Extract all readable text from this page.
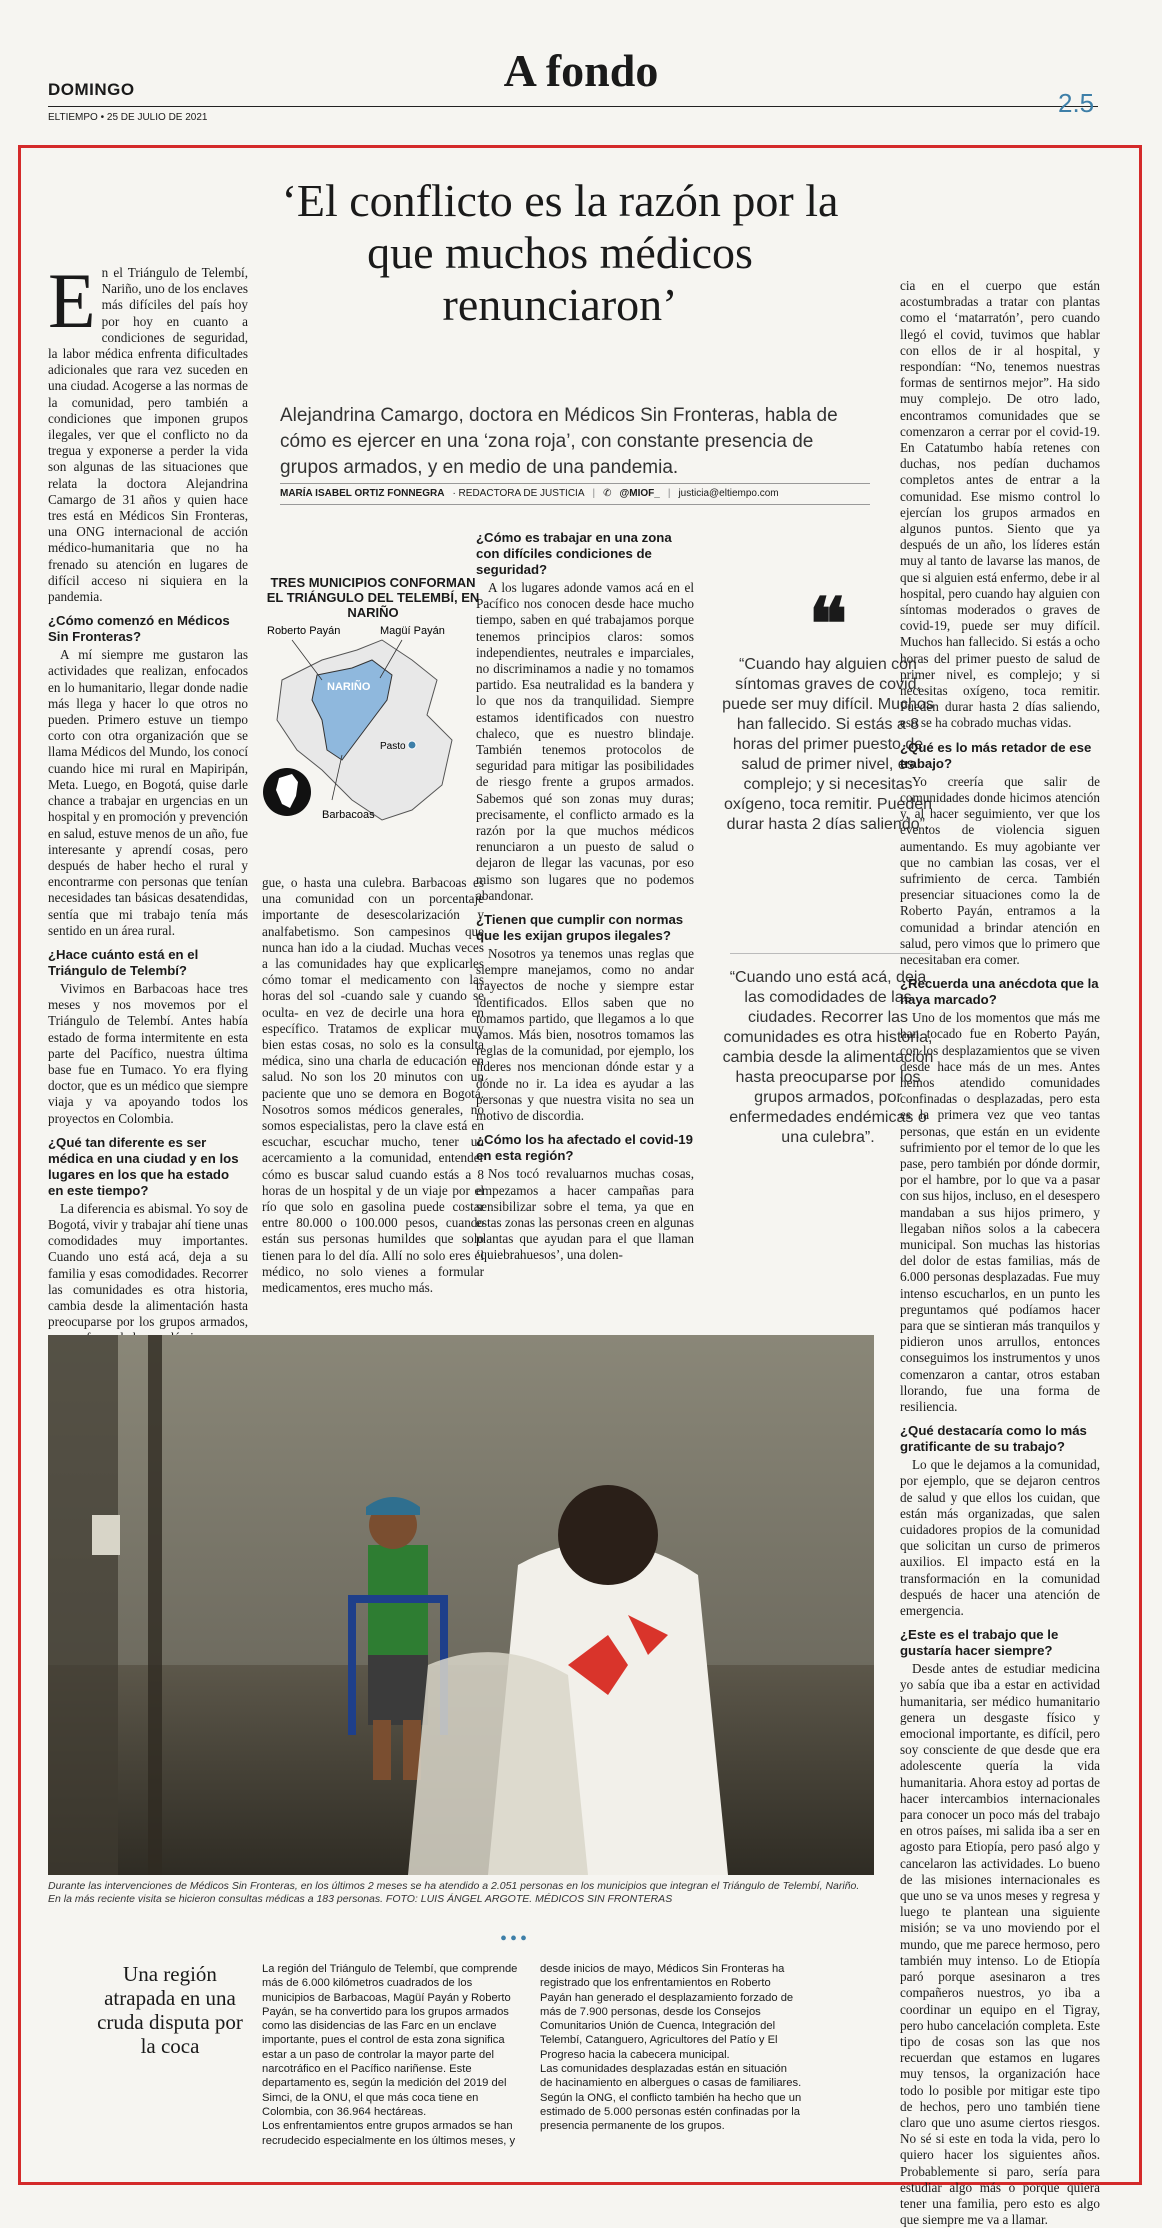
A fondo
DOMINGO
ELTIEMPO • 25 DE JULIO DE 2021	2.5
‘El conflicto es la razón por la que muchos médicos renunciaron’
Alejandrina Camargo, doctora en Médicos Sin Fronteras, habla de cómo es ejercer en una ‘zona roja’, con constante presencia de grupos armados, y en medio de una pandemia.
MARÍA ISABEL ORTIZ FONNEGRA · REDACTORA DE JUSTICIA | ✆ @MIOF_ | justicia@eltiempo.com

En el Triángulo de Telembí, Nariño, uno de los enclaves más difíciles del país hoy por hoy en cuanto a condiciones de seguridad, la labor médica enfrenta dificultades adicionales que rara vez suceden en una ciudad. Acogerse a las normas de la comunidad, pero también a condiciones que imponen grupos ilegales, ver que el conflicto no da tregua y exponerse a perder la vida son algunas de las situaciones que relata la doctora Alejandrina Camargo de 31 años y quien hace tres está en Médicos Sin Fronteras, una ONG internacional de acción médico-humanitaria que no ha frenado su atención en lugares de difícil acceso ni siquiera en la pandemia.

¿Cómo comenzó en Médicos Sin Fronteras?

A mí siempre me gustaron las actividades que realizan, enfocados en lo humanitario, llegar donde nadie más llega y hacer lo que otros no pueden. Primero estuve un tiempo corto con otra organización que se llama Médicos del Mundo, los conocí cuando hice mi rural en Mapiripán, Meta. Luego, en Bogotá, quise darle chance a trabajar en urgencias en un hospital y en promoción y prevención en salud, estuve menos de un año, fue interesante y aprendí cosas, pero después de haber hecho el rural y encontrarme con personas que tenían necesidades tan básicas desatendidas, sentía que mi trabajo tenía más sentido en un área rural.

¿Hace cuánto está en el Triángulo de Telembí?

Vivimos en Barbacoas hace tres meses y nos movemos por el Triángulo de Telembí. Antes había estado de forma intermitente en esta parte del Pacífico, nuestra última base fue en Tumaco. Yo era flying doctor, que es un médico que siempre viaja y va apoyando todos los proyectos en Colombia.

¿Qué tan diferente es ser médica en una ciudad y en los lugares en los que ha estado en este tiempo?

La diferencia es abismal. Yo soy de Bogotá, vivir y trabajar ahí tiene unas comodidades muy importantes. Cuando uno está acá, deja a su familia y esas comodidades. Recorrer las comunidades es otra historia, cambia desde la alimentación hasta preocuparse por los grupos armados,

TRES MUNICIPIOS CONFORMAN EL TRIÁNGULO DEL TELEMBÍ, EN NARIÑO
Roberto Payán	Magüí Payán
NARIÑO
Pasto
Barbacoas

gue, o hasta una culebra. Barbacoas es una comunidad con un porcentaje importante de desescolarización y analfabetismo. Son campesinos que nunca han ido a la ciudad. Muchas veces a las comunidades hay que explicarles cómo tomar el medicamento con las horas del sol -cuando sale y cuando se oculta- en vez de decirle una hora en específico. Tratamos de explicar muy bien estas cosas, no solo es la consulta médica, sino una charla de educación en salud. No son los 20 minutos con un paciente que uno se demora en Bogotá. Nosotros somos médicos generales, no somos especialistas, pero la clave está en escuchar, escuchar mucho, tener un acercamiento a la comunidad, entender cómo es buscar salud cuando estás a 8 horas de un hospital y de un viaje por el río que solo en gasolina puede costar entre 80.000 o 100.000 pesos, cuando están sus personas humildes que solo tienen para lo del día. Allí no solo eres el médico, no solo vienes a formular medicamentos, eres mucho más.

¿Cómo es trabajar en una zona con difíciles condiciones de seguridad?

A los lugares adonde vamos acá en el Pacífico nos conocen desde hace mucho tiempo, saben en qué trabajamos porque tenemos principios claros: somos independientes, neutrales e imparciales, no discriminamos a nadie y no tomamos partido. Esa neutralidad es la bandera y lo que nos da tranquilidad. Siempre estamos identificados con nuestro chaleco, que es nuestro blindaje. También tenemos protocolos de seguridad para mitigar las posibilidades de riesgo frente a grupos armados. Sabemos qué son zonas muy duras; precisamente, el conflicto armado es la razón por la que muchos médicos renunciaron a un puesto de salud o dejaron de llegar las vacunas, por eso mismo son lugares que no podemos abandonar.

¿Tienen que cumplir con normas que les exijan grupos ilegales?

Nosotros ya tenemos unas reglas que siempre manejamos, como no andar trayectos de noche y siempre estar identificados. Ellos saben que no tomamos partido, que llegamos a lo que vamos. Más bien, nosotros tomamos las reglas de la comunidad, por ejemplo, los líderes nos mencionan dónde estar y a dónde no ir. La idea es ayudar a las personas y que nuestra visita no sea un motivo de discordia.

¿Cómo los ha afectado el covid-19 en esta región?

Nos tocó revaluarnos muchas cosas, empezamos a hacer campañas para sensibilizar sobre el tema, ya que en estas zonas las personas creen en algunas plantas que ayudan para el que llaman ‘quiebrahuesos’, una dolen-

❝
“Cuando hay alguien con síntomas graves de covid, puede ser muy difícil. Muchos han fallecido. Si estás a 8 horas del primer puesto de salud de primer nivel, es complejo; y si necesitas oxígeno, toca remitir. Pueden durar hasta 2 días saliendo”.
“Cuando uno está acá, deja las comodidades de las ciudades. Recorrer las comunidades es otra historia, cambia desde la alimentación hasta preocuparse por los grupos armados, por enfermedades endémicas o una culebra”.

cia en el cuerpo que están acostumbradas a tratar con plantas como el ‘matarratón’, pero cuando llegó el covid, tuvimos que hablar con ellos de ir al hospital, y respondían: “No, tenemos nuestras formas de sentirnos mejor”. Ha sido muy complejo. De otro lado, encontramos comunidades que se comenzaron a cerrar por el covid-19. En Catatumbo había retenes con duchas, nos pedían duchamos completos antes de entrar a la comunidad. Ese mismo control lo ejercían los grupos armados en algunos puntos. Siento que ya después de un año, los líderes están muy al tanto de lavarse las manos, de que si alguien está enfermo, debe ir al hospital, pero cuando hay alguien con síntomas moderados o graves de covid-19, puede ser muy difícil. Muchos han fallecido. Si estás a ocho horas del primer puesto de salud de primer nivel, es complejo; y si necesitas oxígeno, toca remitir. Pueden durar hasta 2 días saliendo, eso se ha cobrado muchas vidas.

¿Qué es lo más retador de ese trabajo?

Yo creería que salir de comunidades donde hicimos atención y, al hacer seguimiento, ver que los eventos de violencia siguen aumentando. Es muy agobiante ver que no cambian las cosas, ver el sufrimiento de cerca. También presenciar situaciones como la de Roberto Payán, entramos a la comunidad a brindar atención en salud, pero vimos que lo primero que necesitaban era comer.

¿Recuerda una anécdota que la haya marcado?

Uno de los momentos que más me han tocado fue en Roberto Payán, con los desplazamientos que se viven desde hace más de un mes. Antes hemos atendido comunidades confinadas o desplazadas, pero esta es la primera vez que veo tantas personas, que están en un evidente sufrimiento por el temor de lo que les pase, pero también por dónde dormir, por el hambre, por lo que va a pasar con sus hijos, incluso, en el desespero mandaban a sus hijos primero, y llegaban niños solos a la cabecera municipal. Son muchas las historias del dolor de estas familias, más de 6.000 personas desplazadas. Fue muy intenso escucharlos, en un punto les preguntamos qué podíamos hacer para que se sintieran más tranquilos y pidieron unos arrullos, entonces conseguimos los instrumentos y unos comenzaron a cantar, otros estaban llorando, fue una forma de resiliencia.

¿Qué destacaría como lo más gratificante de su trabajo?

Lo que le dejamos a la comunidad, por ejemplo, que se dejaron centros de salud y que ellos los cuidan, que están más organizadas, que salen cuidadores propios de la comunidad que solicitan un curso de primeros auxilios. El impacto está en la transformación en la comunidad después de hacer una atención de emergencia.

¿Este es el trabajo que le gustaría hacer siempre?

Desde antes de estudiar medicina yo sabía que iba a estar en actividad humanitaria, ser médico humanitario genera un desgaste físico y emocional importante, es difícil, pero soy consciente de que desde que era adolescente quería la vida humanitaria. Ahora estoy ad portas de hacer intercambios internacionales para conocer un poco más del trabajo en otros países, mi salida iba a ser en agosto para Etiopía, pero pasó algo y cancelaron las actividades. Lo bueno de las misiones internacionales es que uno se va unos meses y regresa y luego te plantean una siguiente misión; se va uno moviendo por el mundo, que me parece hermoso, pero también muy intenso. Lo de Etiopía paró porque asesinaron a tres compañeros nuestros, yo iba a coordinar un equipo en el Tigray, pero hubo cancelación completa. Este tipo de cosas son las que nos recuerdan que estamos en lugares muy tensos, la organización hace todo lo posible por mitigar este tipo de hechos, pero uno también tiene claro que uno asume ciertos riesgos. No sé si este en toda la vida, pero lo quiero hacer los siguientes años. Probablemente si paro, sería para estudiar algo más o porque quiera tener una familia, pero esto es algo que siempre me va a llamar.

Durante las intervenciones de Médicos Sin Fronteras, en los últimos 2 meses se ha atendido a 2.051 personas en los municipios que integran el Triángulo de Telembí, Nariño. En la más reciente visita se hicieron consultas médicas a 183 personas. FOTO: LUIS ÁNGEL ARGOTE. MÉDICOS SIN FRONTERAS
•••
Una región atrapada en una cruda disputa por la coca

La región del Triángulo de Telembí, que comprende más de 6.000 kilómetros cuadrados de los municipios de Barbacoas, Magüí Payán y Roberto Payán, se ha convertido para los grupos armados como las disidencias de las Farc en un enclave importante, pues el control de esta zona significa estar a un paso de controlar la mayor parte del narcotráfico en el Pacífico nariñense. Este departamento es, según la medición del 2019 del Simci, de la ONU, el que más coca tiene en Colombia, con 36.964 hectáreas.

Los enfrentamientos entre grupos armados se han recrudecido especialmente en los últimos meses, y

desde inicios de mayo, Médicos Sin Fronteras ha registrado que los enfrentamientos en Roberto Payán han generado el desplazamiento forzado de más de 7.900 personas, desde los Consejos Comunitarios Unión de Cuenca, Integración del Telembí, Catanguero, Agricultores del Patío y El Progreso hacia la cabecera municipal.

Las comunidades desplazadas están en situación de hacinamiento en albergues o casas de familiares. Según la ONG, el conflicto también ha hecho que un estimado de 5.000 personas estén confinadas por la presencia permanente de los grupos.
